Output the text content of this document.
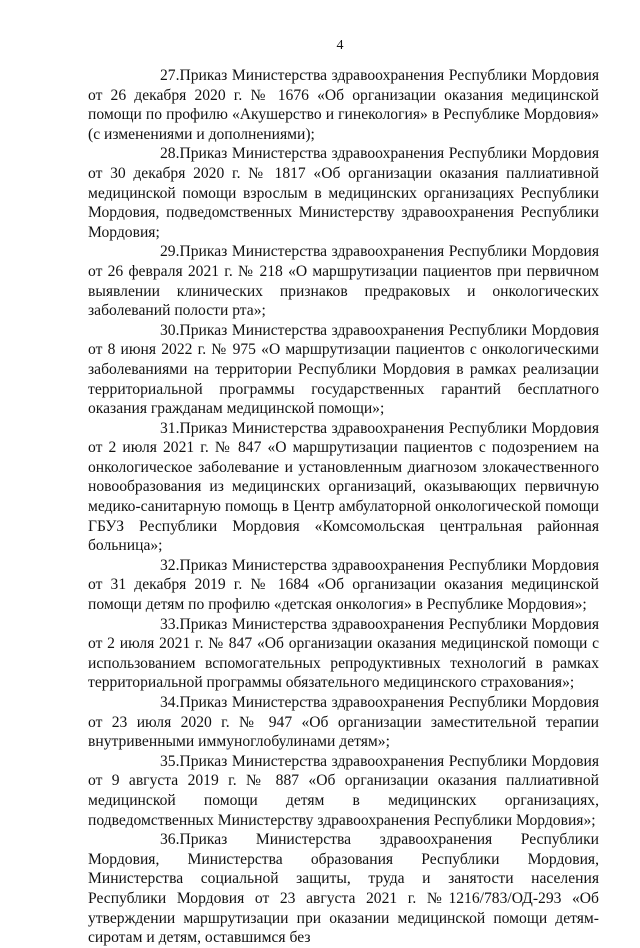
4

27.Приказ Министерства здравоохранения Республики Мордовия от 26 декабря 2020 г. № 1676 «Об организации оказания медицинской помощи по профилю «Акушерство и гинекология» в Республике Мордовия» (с изменениями и дополнениями);

28.Приказ Министерства здравоохранения Республики Мордовия от 30 декабря 2020 г. № 1817 «Об организации оказания паллиативной медицинской помощи взрослым в медицинских организациях Республики Мордовия, подведомственных Министерству здравоохранения Республики Мордовия;

29.Приказ Министерства здравоохранения Республики Мордовия от 26 февраля 2021 г. № 218 «О маршрутизации пациентов при первичном выявлении клинических признаков предраковых и онкологических заболеваний полости рта»;

30.Приказ Министерства здравоохранения Республики Мордовия от 8 июня 2022 г. № 975 «О маршрутизации пациентов с онкологическими заболеваниями на территории Республики Мордовия в рамках реализации территориальной программы государственных гарантий бесплатного оказания гражданам медицинской помощи»;

31.Приказ Министерства здравоохранения Республики Мордовия от 2 июля 2021 г. № 847 «О маршрутизации пациентов с подозрением на онкологическое заболевание и установленным диагнозом злокачественного новообразования из медицинских организаций, оказывающих первичную медико-санитарную помощь в Центр амбулаторной онкологической помощи ГБУЗ Республики Мордовия «Комсомольская центральная районная больница»;

32.Приказ Министерства здравоохранения Республики Мордовия от 31 декабря 2019 г. № 1684 «Об организации оказания медицинской помощи детям по профилю «детская онкология» в Республике Мордовия»;

33.Приказ Министерства здравоохранения Республики Мордовия от 2 июля 2021 г. № 847 «Об организации оказания медицинской помощи с использованием вспомогательных репродуктивных технологий в рамках территориальной программы обязательного медицинского страхования»;

34.Приказ Министерства здравоохранения Республики Мордовия от 23 июля 2020 г. № 947 «Об организации заместительной терапии внутривенными иммуноглобулинами детям»;

35.Приказ Министерства здравоохранения Республики Мордовия от 9 августа 2019 г. № 887 «Об организации оказания паллиативной медицинской помощи детям в медицинских организациях, подведомственных Министерству здравоохранения Республики Мордовия»;

36.Приказ Министерства здравоохранения Республики Мордовия, Министерства образования Республики Мордовия, Министерства социальной защиты, труда и занятости населения Республики Мордовия от 23 августа 2021 г. №1216/783/ОД-293 «Об утверждении маршрутизации при оказании медицинской помощи детям-сиротам и детям, оставшимся без
